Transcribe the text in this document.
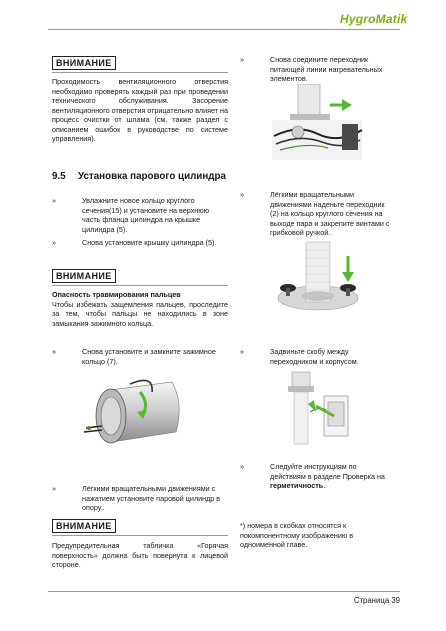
HygroMatik
ВНИМАНИЕ
Проходимость вентиляционного отверстия необходимо проверять каждый раз при проведении технического обслуживания. Засорение вентиляционного отверстия отрицательно влияет на процесс очистки от шлама (см. также раздел с описанием ошибок в руководстве по системе управления).
9.5 Установка парового цилиндра
»	Увлажните новое кольцо круглого сечения(15) и установите на верхнюю часть фланца цилиндра на крышке цилиндра (5).
»	Снова установите крышку цилиндра (5).
ВНИМАНИЕ
Опасность травмирования пальцев
Чтобы избежать защемления пальцев, проследите за тем, чтобы пальцы не находились в зоне замыкания зажимного кольца.
»	Снова установите и замкните зажимное кольцо (7).
»	Лёгкими вращательными движениями с нажатием установите паровой цилиндр в опору..
ВНИМАНИЕ
Предупредительная табличка «Горячая поверхность» должна быть повернута к лицевой стороне.
»	Снова соедините переходник питающей линии нагревательных элементов.
»	Лёгкими вращательными движениями наденьте переходник (2) на кольцо круглого сечения на выходе пара и закрепите винтами с грибковой ручкой.
»	Задвиньте скобу между переходником и корпусом.
»	Следуйте инструкциям по действиям в разделе Проверка на герметичность.
*) номера в скобках относятся к покомпонентному изображению в одноименной главе.
Страница 39
